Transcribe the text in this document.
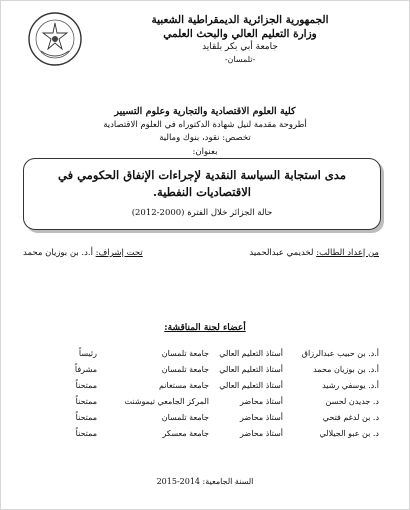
الجمهورية الجزائرية الديمقراطية الشعبية
وزارة التعليم العالي والبحث العلمي
جامعة أبي بكر بلقايد
-تلمسان-
كلية العلوم الاقتصادية والتجارية وعلوم التسيير
أطروحة مقدمة لنيل شهادة الدكتوراه في العلوم الاقتصادية
تخصص: نقود، بنوك ومالية
بعنوان:
مدى استجابة السياسة النقدية لإجراءات الإنفاق الحكومي في
الاقتصاديات النفطية.
حالة الجزائر خلال الفترة (2000-2012)
من إعداد الطالب: لخديمي عبدالحميد
تحت إشراف: أ.د. بن بوزيان محمد
أعضاء لجنة المناقشة:
أ.د. بن حبيب عبدالرزاق
أستاذ التعليم العالي
جامعة تلمسان
رئيساً
أ.د. بن بوزيان محمد
أستاذ التعليم العالي
جامعة تلمسان
مشرفاً
أ.د. يوسفي رشيد
أستاذ التعليم العالي
جامعة مستغانم
ممتحناً
د. جديدن لحسن
أستاذ محاضر
المركز الجامعي تيموشنت
ممتحناً
د. بن لدغم فتحي
أستاذ محاضر
جامعة تلمسان
ممتحناً
د. بن عبو الجيلالي
أستاذ محاضر
جامعة معسكر
ممتحناً
السنة الجامعية: 2014-2015
